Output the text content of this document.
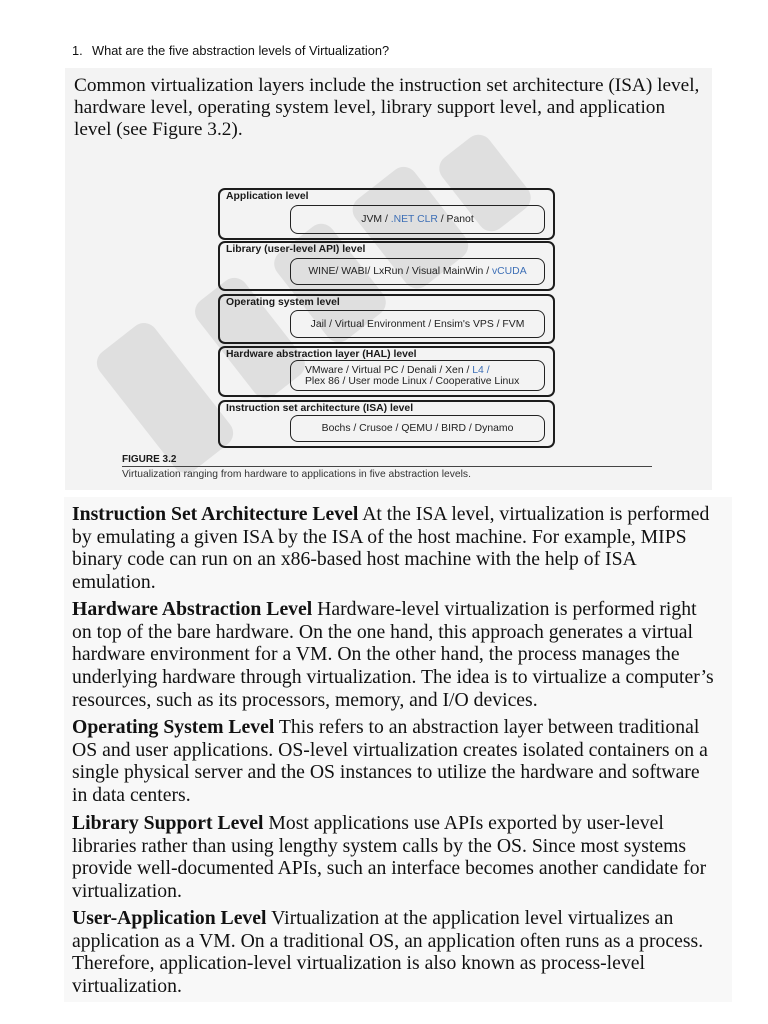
1. What are the five abstraction levels of Virtualization?
Common virtualization layers include the instruction set architecture (ISA) level,
hardware level, operating system level, library support level, and application
level (see Figure 3.2).
Application level
JVM / .NET CLR / Panot
Library (user-level API) level
WINE/ WABI/ LxRun / Visual MainWin / vCUDA
Operating system level
Jail / Virtual Environment / Ensim's VPS / FVM
Hardware abstraction layer (HAL) level
VMware / Virtual PC / Denali / Xen / L4 /
Plex 86 / User mode Linux / Cooperative Linux
Instruction set architecture (ISA) level
Bochs / Crusoe / QEMU / BIRD / Dynamo
FIGURE 3.2
Virtualization ranging from hardware to applications in five abstraction levels.
Instruction Set Architecture Level At the ISA level, virtualization is performed
by emulating a given ISA by the ISA of the host machine. For example, MIPS
binary code can run on an x86-based host machine with the help of ISA
emulation.
Hardware Abstraction Level Hardware-level virtualization is performed right
on top of the bare hardware. On the one hand, this approach generates a virtual
hardware environment for a VM. On the other hand, the process manages the
underlying hardware through virtualization. The idea is to virtualize a computer’s
resources, such as its processors, memory, and I/O devices.
Operating System Level This refers to an abstraction layer between traditional
OS and user applications. OS-level virtualization creates isolated containers on a
single physical server and the OS instances to utilize the hardware and software
in data centers.
Library Support Level Most applications use APIs exported by user-level
libraries rather than using lengthy system calls by the OS. Since most systems
provide well-documented APIs, such an interface becomes another candidate for
virtualization.
User-Application Level Virtualization at the application level virtualizes an
application as a VM. On a traditional OS, an application often runs as a process.
Therefore, application-level virtualization is also known as process-level
virtualization.
